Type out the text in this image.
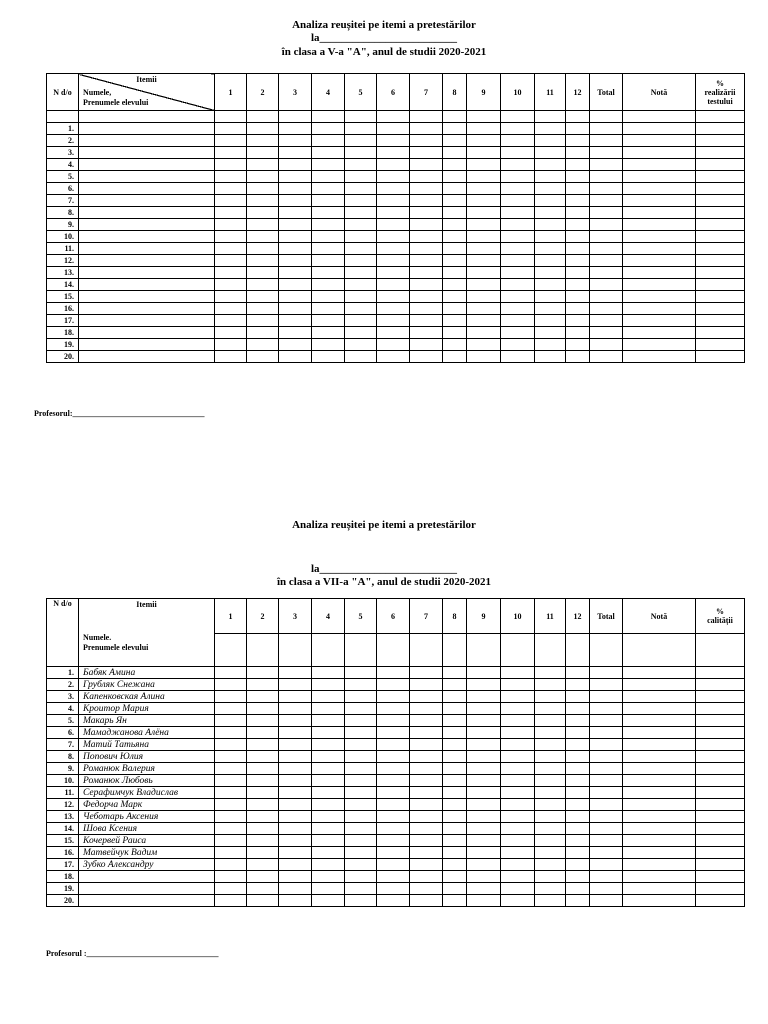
Analiza reușitei pe itemi a pretestărilor
la_________________________
în clasa a V-a "A", anul de studii 2020-2021
N d/o	Itemii
Numele,
Prenumele elevului	1	2	3	4	5	6	7	8	9	10	11	12	Total	Notă	%
realizării
testului

1.																
2.																
3.																
4.																
5.																
6.																
7.																
8.																
9.																
10.																
11.																
12.																
13.																
14.																
15.																
16.																
17.																
18.																
19.																
20.																
Profesorul:_________________________________
Analiza reușitei pe itemi a pretestărilor
la_________________________
în clasa a VII-a "A", anul de studii 2020-2021
N d/o	Itemii
Numele.
Prenumele elevului	1	2	3	4	5	6	7	8	9	10	11	12	Total	Notă	%
calității

1.	Бабяк Амина															
2.	Грубляк Снежана															
3.	Капенковская Алина															
4.	Кроитор Мария															
5.	Макарь Ян															
6.	Мамаджанова Алёна															
7.	Матий Татьяна															
8.	Попович Юлия															
9.	Романюк Валерия															
10.	Романюк Любовь															
11.	Серафимчук Владислав															
12.	Федорча Марк															
13.	Чеботарь Аксения															
14.	Шова Ксения															
15.	Кочервей Раиса															
16.	Матвейчук Вадим															
17.	Зубко Александру															
18.																
19.																
20.																
Profesorul :_________________________________
